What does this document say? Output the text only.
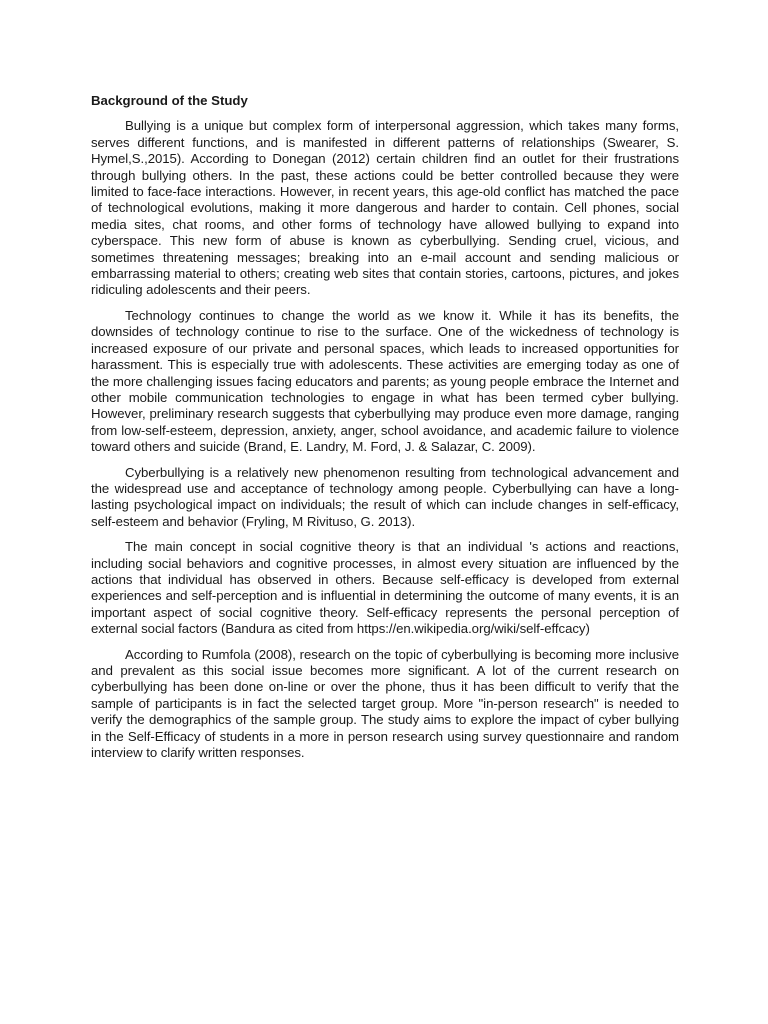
Background of the Study

Bullying is a unique but complex form of interpersonal aggression, which takes many forms, serves different functions, and is manifested in different patterns of relationships (Swearer, S. Hymel,S.,2015). According to Donegan (2012) certain children find an outlet for their frustrations through bullying others. In the past, these actions could be better controlled because they were limited to face-face interactions. However, in recent years, this age-old conflict has matched the pace of technological evolutions, making it more dangerous and harder to contain. Cell phones, social media sites, chat rooms, and other forms of technology have allowed bullying to expand into cyberspace. This new form of abuse is known as cyberbullying. Sending cruel, vicious, and sometimes threatening messages; breaking into an e-mail account and sending malicious or embarrassing material to others; creating web sites that contain stories, cartoons, pictures, and jokes ridiculing adolescents and their peers.

Technology continues to change the world as we know it. While it has its benefits, the downsides of technology continue to rise to the surface. One of the wickedness of technology is increased exposure of our private and personal spaces, which leads to increased opportunities for harassment. This is especially true with adolescents. These activities are emerging today as one of the more challenging issues facing educators and parents; as young people embrace the Internet and other mobile communication technologies to engage in what has been termed cyber bullying. However, preliminary research suggests that cyberbullying may produce even more damage, ranging from low-self-esteem, depression, anxiety, anger, school avoidance, and academic failure to violence toward others and suicide (Brand, E. Landry, M. Ford, J. & Salazar, C. 2009).

Cyberbullying is a relatively new phenomenon resulting from technological advancement and the widespread use and acceptance of technology among people. Cyberbullying can have a long-lasting psychological impact on individuals; the result of which can include changes in self-efficacy, self-esteem and behavior (Fryling, M Rivituso, G. 2013).

The main concept in social cognitive theory is that an individual 's actions and reactions, including social behaviors and cognitive processes, in almost every situation are influenced by the actions that individual has observed in others. Because self-efficacy is developed from external experiences and self-perception and is influential in determining the outcome of many events, it is an important aspect of social cognitive theory. Self-efficacy represents the personal perception of external social factors (Bandura as cited from https://en.wikipedia.org/wiki/self-effcacy)

According to Rumfola (2008), research on the topic of cyberbullying is becoming more inclusive and prevalent as this social issue becomes more significant. A lot of the current research on cyberbullying has been done on-line or over the phone, thus it has been difficult to verify that the sample of participants is in fact the selected target group. More "in-person research" is needed to verify the demographics of the sample group. The study aims to explore the impact of cyber bullying in the Self-Efficacy of students in a more in person research using survey questionnaire and random interview to clarify written responses.
